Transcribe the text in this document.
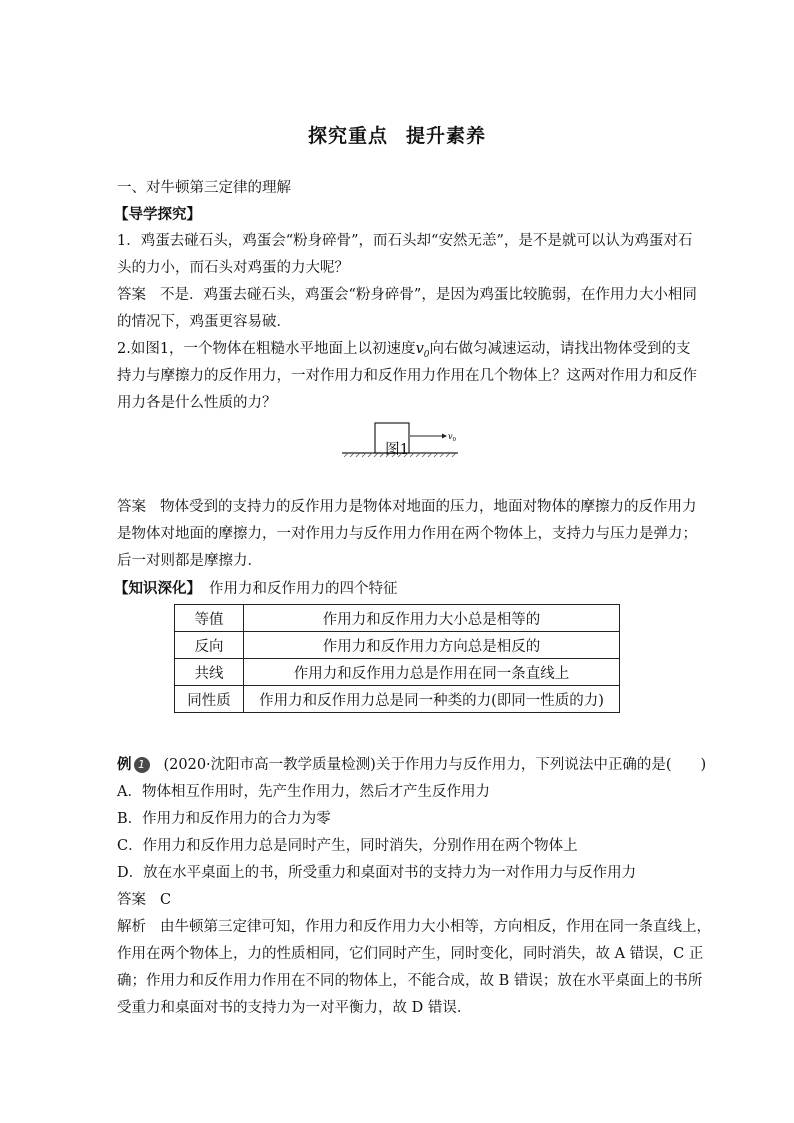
探究重点 提升素养
一、对牛顿第三定律的理解
【导学探究】
1．鸡蛋去碰石头，鸡蛋会“粉身碎骨”，而石头却“安然无恙”，是不是就可以认为鸡蛋对石
头的力小，而石头对鸡蛋的力大呢？
答案 不是．鸡蛋去碰石头，鸡蛋会“粉身碎骨”，是因为鸡蛋比较脆弱，在作用力大小相同
的情况下，鸡蛋更容易破．
2.如图1，一个物体在粗糙水平地面上以初速度$v_0$向右做匀减速运动，请找出物体受到的支
持力与摩擦力的反作用力，一对作用力和反作用力作用在几个物体上？这两对作用力和反作
用力各是什么性质的力？
v 0
图1
答案 物体受到的支持力的反作用力是物体对地面的压力，地面对物体的摩擦力的反作用力
是物体对地面的摩擦力，一对作用力与反作用力作用在两个物体上，支持力与压力是弹力；
后一对则都是摩擦力．
【知识深化】 作用力和反作用力的四个特征
等值	作用力和反作用力大小总是相等的
反向	作用力和反作用力方向总是相反的
共线	作用力和反作用力总是作用在同一条直线上
同性质	作用力和反作用力总是同一种类的力(即同一性质的力)
例 1 (2020·沈阳市高一教学质量检测)关于作用力与反作用力，下列说法中正确的是(　　)
A．物体相互作用时，先产生作用力，然后才产生反作用力
B．作用力和反作用力的合力为零
C．作用力和反作用力总是同时产生，同时消失，分别作用在两个物体上
D．放在水平桌面上的书，所受重力和桌面对书的支持力为一对作用力与反作用力
答案 C
解析 由牛顿第三定律可知，作用力和反作用力大小相等，方向相反，作用在同一条直线上，
作用在两个物体上，力的性质相同，它们同时产生，同时变化，同时消失，故 A 错误，C 正
确；作用力和反作用力作用在不同的物体上，不能合成，故 B 错误；放在水平桌面上的书所
受重力和桌面对书的支持力为一对平衡力，故 D 错误．
